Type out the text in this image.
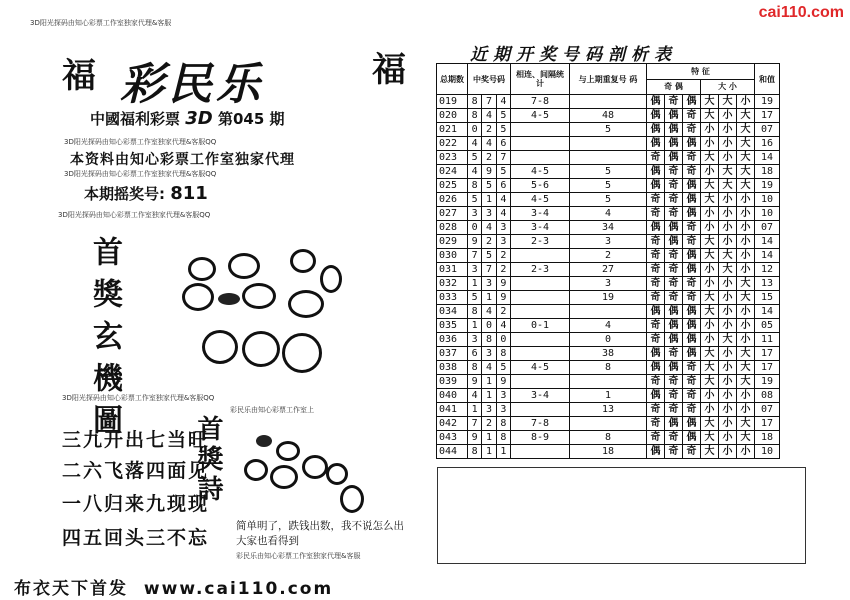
cai110.com
3D阳光探码由知心彩票工作室独家代理&客服
福	福
彩民乐
中國福利彩票 3D 第045 期
3D阳光探码由知心彩票工作室独家代理&客服QQ
本资料由知心彩票工作室独家代理
3D阳光探码由知心彩票工作室独家代理&客服QQ
本期摇奖号: 811
3D阳光探码由知心彩票工作室独家代理&客服QQ
首獎玄機圖
3D阳光探码由知心彩票工作室独家代理&客服QQ
彩民乐由知心彩票工作室上
三九开出七当旺
二六飞落四面见
一八归来九现现
四五回头三不忘
首獎詩
简单明了，跌钱出数，我不说怎么出大家也看得到
彩民乐由知心彩票工作室独家代理&客服
布衣天下首发 www.cai110.com
近期开奖号码剖析表
总期数	中奖号码			相连、间隔统 计	与上期重复号 码	特 征						和值
						奇 偶			大 小			
019	8	7	4	7-8		偶	奇	偶	大	大	小	19
020	8	4	5	4-5	48	偶	偶	奇	大	小	大	17
021	0	2	5		5	偶	偶	奇	小	小	大	07
022	4	4	6			偶	偶	偶	小	小	大	16
023	5	2	7			奇	偶	奇	大	小	大	14
024	4	9	5	4-5	5	偶	奇	奇	小	大	大	18
025	8	5	6	5-6	5	偶	奇	偶	大	大	大	19
026	5	1	4	4-5	5	奇	奇	偶	大	小	小	10
027	3	3	4	3-4	4	奇	奇	偶	小	小	小	10
028	0	4	3	3-4	34	偶	偶	奇	小	小	小	07
029	9	2	3	2-3	3	奇	偶	奇	大	小	小	14
030	7	5	2		2	奇	奇	偶	大	大	小	14
031	3	7	2	2-3	27	奇	奇	偶	小	大	小	12
032	1	3	9		3	奇	奇	奇	小	小	大	13
033	5	1	9		19	奇	奇	奇	大	小	大	15
034	8	4	2			偶	偶	偶	大	小	小	14
035	1	0	4	0-1	4	奇	偶	偶	小	小	小	05
036	3	8	0		0	奇	偶	偶	小	大	小	11
037	6	3	8		38	偶	奇	偶	大	小	大	17
038	8	4	5	4-5	8	偶	偶	奇	大	小	大	17
039	9	1	9			奇	奇	奇	大	小	大	19
040	4	1	3	3-4	1	偶	奇	奇	小	小	小	08
041	1	3	3		13	奇	奇	奇	小	小	小	07
042	7	2	8	7-8		奇	偶	偶	大	小	大	17
043	9	1	8	8-9	8	奇	奇	偶	大	小	大	18
044	8	1	1		18	偶	奇	奇	大	小	小	10
